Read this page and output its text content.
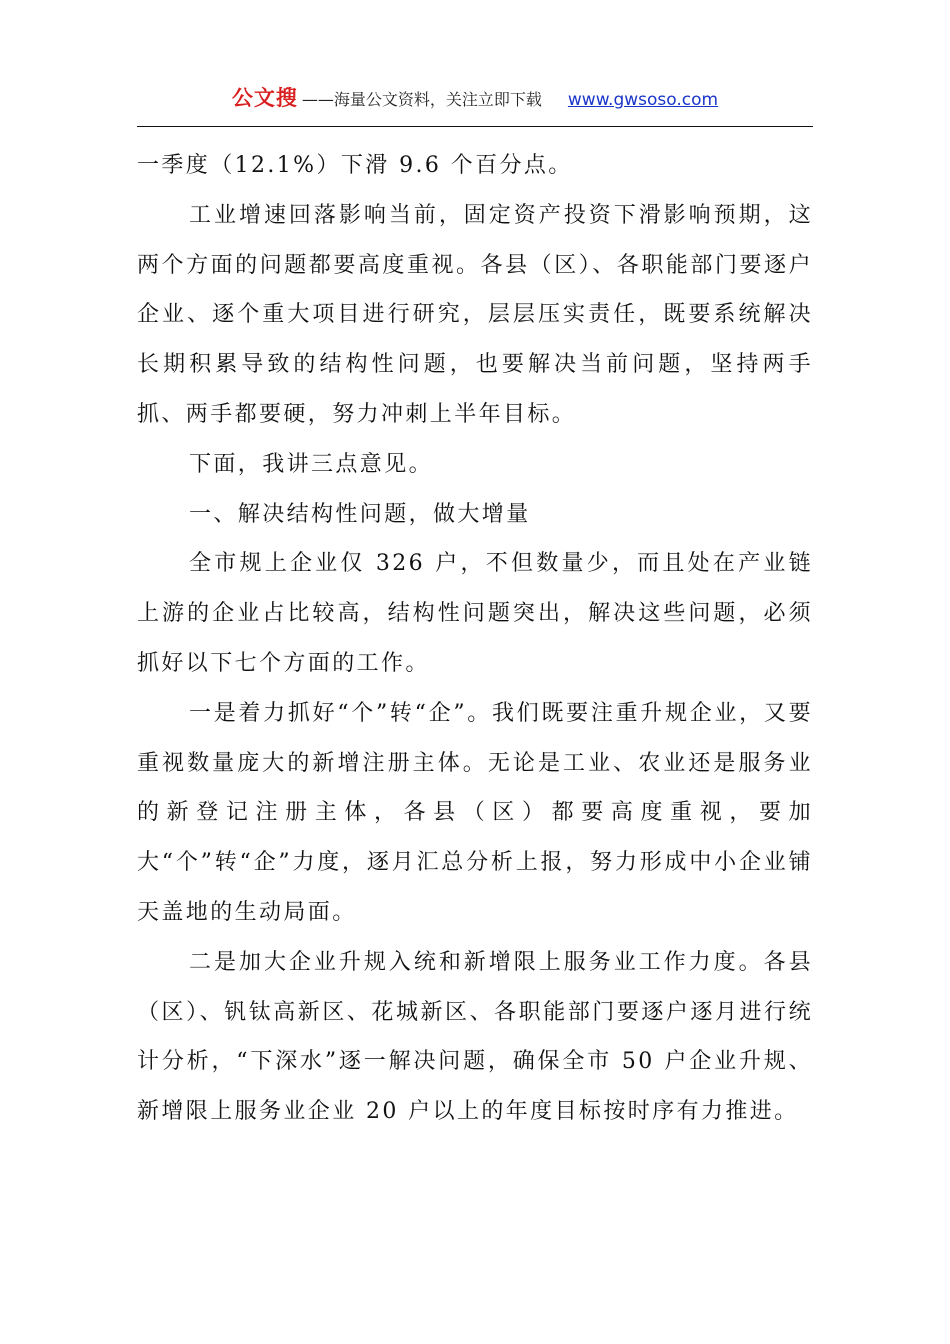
公文搜 ——海量公文资料，关注立即下载 www.gwsoso.com

一季度（12.1%）下滑 9.6 个百分点。

工业增速回落影响当前，固定资产投资下滑影响预期，这两个方面的问题都要高度重视。各县（区）、各职能部门要逐户企业、逐个重大项目进行研究，层层压实责任，既要系统解决长期积累导致的结构性问题，也要解决当前问题，坚持两手抓、两手都要硬，努力冲刺上半年目标。

下面，我讲三点意见。

一、解决结构性问题，做大增量

全市规上企业仅 326 户，不但数量少，而且处在产业链上游的企业占比较高，结构性问题突出，解决这些问题，必须抓好以下七个方面的工作。

一是着力抓好“个”转“企”。我们既要注重升规企业，又要重视数量庞大的新增注册主体。无论是工业、农业还是服务业的新登记注册主体，各县（区）都要高度重视，要加大“个”转“企”力度，逐月汇总分析上报，努力形成中小企业铺天盖地的生动局面。

二是加大企业升规入统和新增限上服务业工作力度。各县（区）、钒钛高新区、花城新区、各职能部门要逐户逐月进行统计分析，“下深水”逐一解决问题，确保全市 50 户企业升规、新增限上服务业企业 20 户以上的年度目标按时序有力推进。
